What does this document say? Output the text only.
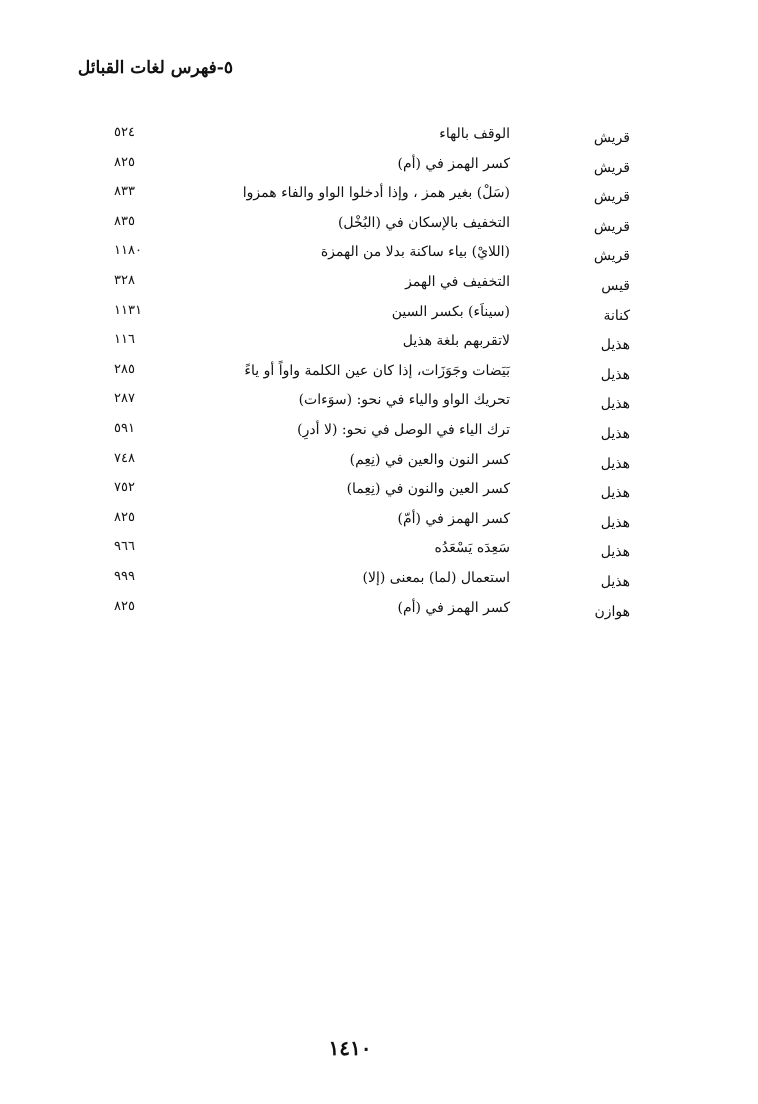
٥-فهرس لغات القبائل
قريش
الوقف بالهاء
٥٢٤
قريش
كسر الهمز في (أم)
٨٢٥
قريش
(سَلْ) بغير همز ، وإذا أدخلوا الواو والفاء همزوا
٨٣٣
قريش
التخفيف بالإسكان في (البُخْل)
٨٣٥
قريش
(اللايْ) بياء ساكنة بدلا من الهمزة
١١٨٠
قيس
التخفيف في الهمز
٣٢٨
كنانة
(سيناَء) بكسر السين
١١٣١
هذيل
لاتقربهم بلغة هذيل
١١٦
هذيل
بَيَضات وجَوَزَات، إذا كان عين الكلمة واواً أو ياءً
٢٨٥
هذيل
تحريك الواو والياء في نحو: (سوَءات)
٢٨٧
هذيل
ترك الياء في الوصل في نحو: (لا أدرِ)
٥٩١
هذيل
كسر النون والعين في (نِعِم)
٧٤٨
هذيل
كسر العين والنون في (نِعِما)
٧٥٢
هذيل
كسر الهمز في (أمّ)
٨٢٥
هذيل
سَعِدَه يَسْعَدُه
٩٦٦
هذيل
استعمال (لما) بمعنى (إلا)
٩٩٩
هوازن
كسر الهمز في (أم)
٨٢٥
١٤١٠
